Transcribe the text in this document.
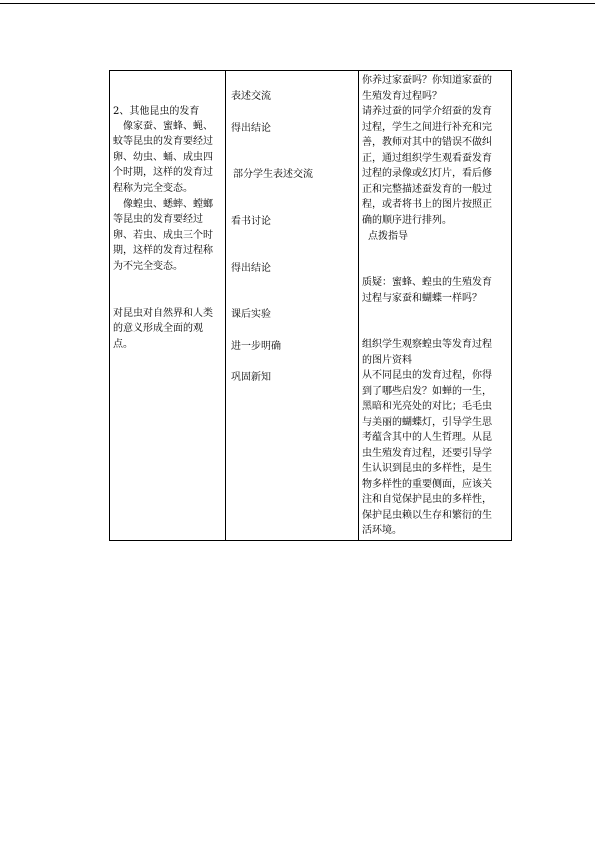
2、其他昆虫的发育
像家蚕、蜜蜂、蝇、
蚊等昆虫的发育要经过
卵、幼虫、蛹、成虫四
个时期，这样的发育过
程称为完全变态。
像蝗虫、蟋蟀、螳螂
等昆虫的发育要经过
卵、若虫、成虫三个时
期，这样的发育过程称
为不完全变态。
对昆虫对自然界和人类
的意义形成全面的观
点。
表述交流
得出结论
部分学生表述交流
看书讨论
得出结论
课后实验
进一步明确
巩固新知
你养过家蚕吗？你知道家蚕的
生殖发育过程吗？
请养过蚕的同学介绍蚕的发育
过程，学生之间进行补充和完
善，教师对其中的错误不做纠
正，通过组织学生观看蚕发育
过程的录像或幻灯片，看后修
正和完整描述蚕发育的一般过
程，或者将书上的图片按照正
确的顺序进行排列。
点拨指导
质疑：蜜蜂、蝗虫的生殖发育
过程与家蚕和蝴蝶一样吗？
组织学生观察蝗虫等发育过程
的图片资料
从不同昆虫的发育过程，你得
到了哪些启发？如蝉的一生，
黑暗和光亮处的对比；毛毛虫
与美丽的蝴蝶灯，引导学生思
考蕴含其中的人生哲理。从昆
虫生殖发育过程，还要引导学
生认识到昆虫的多样性，是生
物多样性的重要侧面，应该关
注和自觉保护昆虫的多样性，
保护昆虫赖以生存和繁衍的生
活环境。
